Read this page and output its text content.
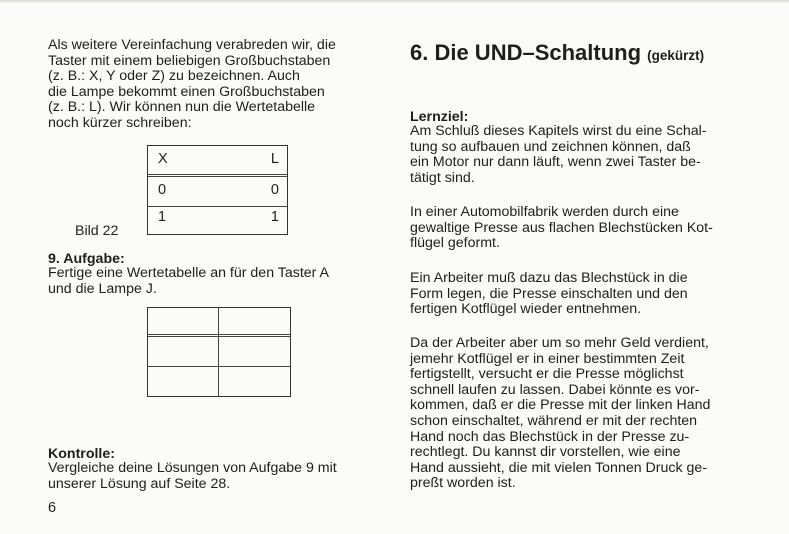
Als weitere Vereinfachung verabreden wir, die
Taster mit einem beliebigen Großbuchstaben
(z. B.: X, Y oder Z) zu bezeichnen. Auch
die Lampe bekommt einen Großbuchstaben
(z. B.: L). Wir können nun die Wertetabelle
noch kürzer schreiben:

X	L
0	0
1	1
Bild 22
9. Aufgabe:

Fertige eine Wertetabelle an für den Taster A
und die Lampe J.

Kontrolle:

Vergleiche deine Lösungen von Aufgabe 9 mit
unserer Lösung auf Seite 28.

6
6. Die UND–Schaltung (gekürzt)
Lernziel:

Am Schluß dieses Kapitels wirst du eine Schal-
tung so aufbauen und zeichnen können, daß
ein Motor nur dann läuft, wenn zwei Taster be-
tätigt sind.

In einer Automobilfabrik werden durch eine
gewaltige Presse aus flachen Blechstücken Kot-
flügel geformt.

Ein Arbeiter muß dazu das Blechstück in die
Form legen, die Presse einschalten und den
fertigen Kotflügel wieder entnehmen.

Da der Arbeiter aber um so mehr Geld verdient,
jemehr Kotflügel er in einer bestimmten Zeit
fertigstellt, versucht er die Presse möglichst
schnell laufen zu lassen. Dabei könnte es vor-
kommen, daß er die Presse mit der linken Hand
schon einschaltet, während er mit der rechten
Hand noch das Blechstück in der Presse zu-
rechtlegt. Du kannst dir vorstellen, wie eine
Hand aussieht, die mit vielen Tonnen Druck ge-
preßt worden ist.
